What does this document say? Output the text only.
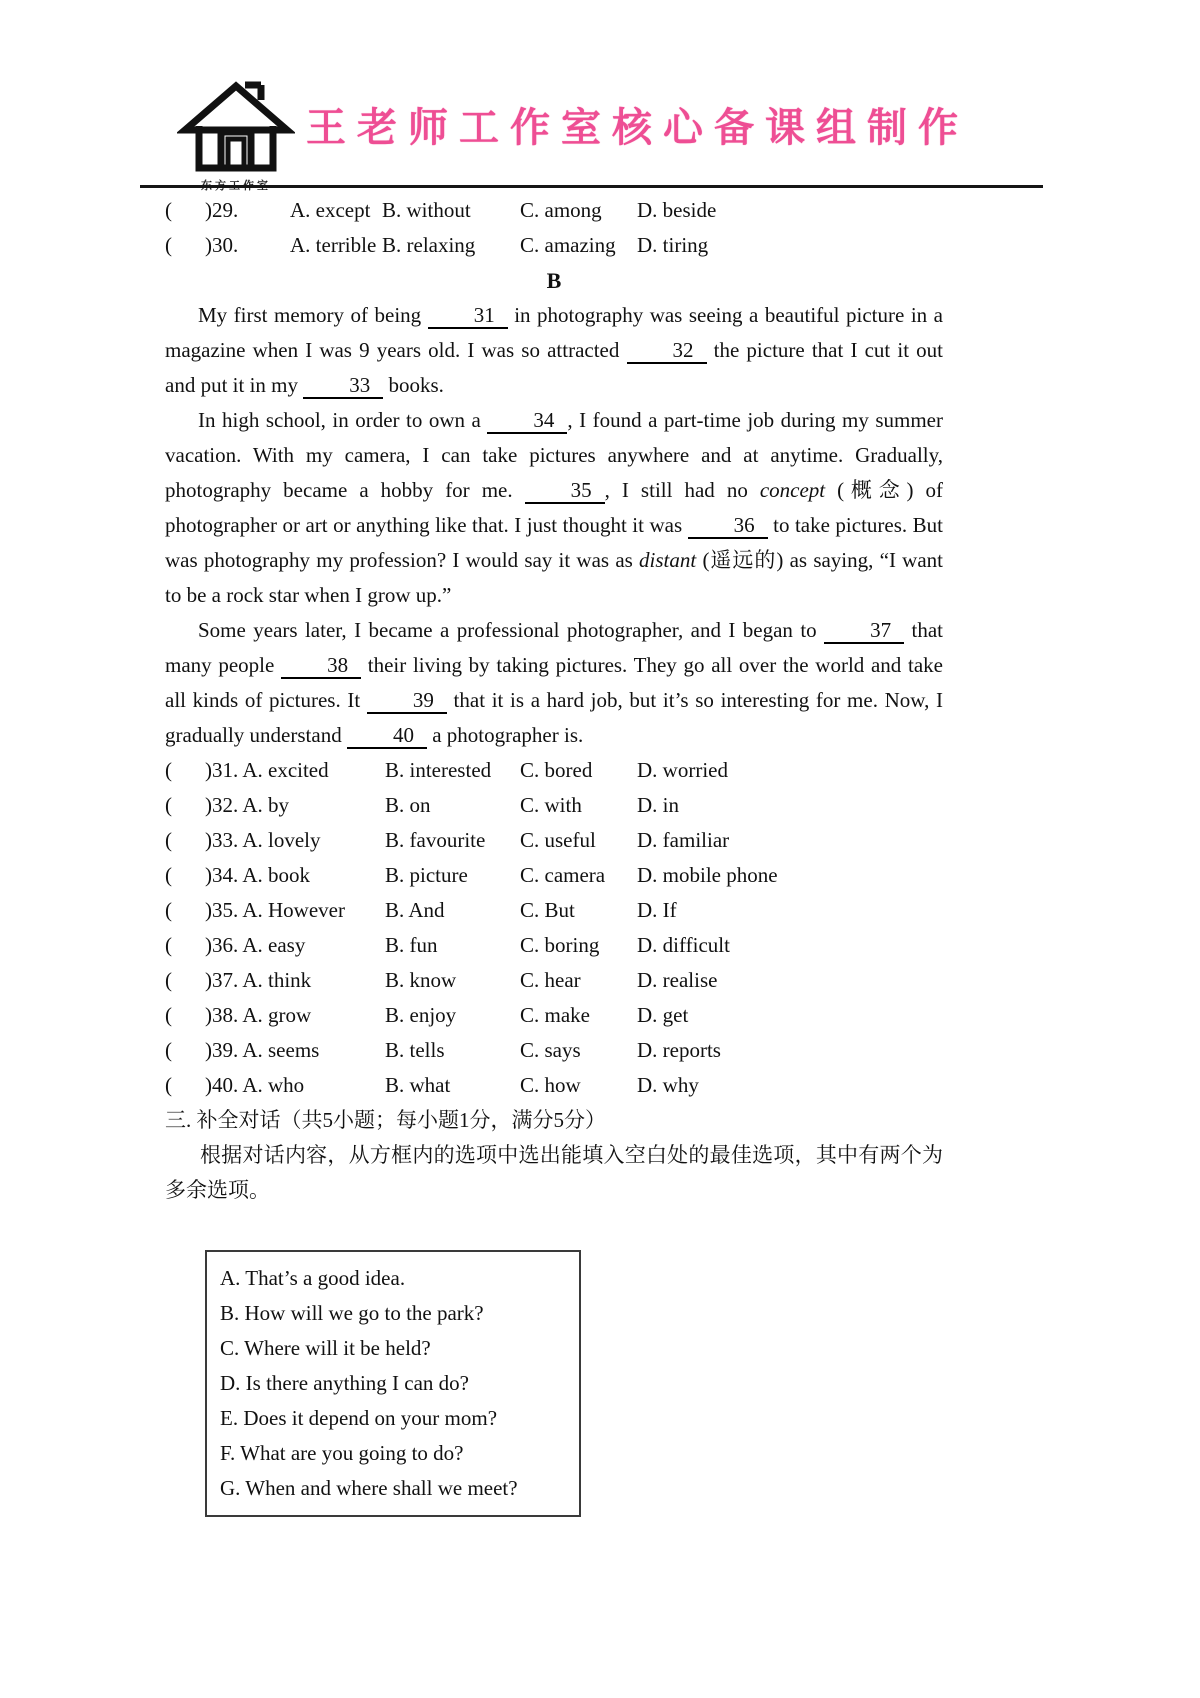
王老师工作室核心备课组制作
(	)29.	A. except B. without	C. among	D. beside
(	)30.	A. terrible B. relaxing	C. amazing	D. tiring
B

My first memory of being 31 in photography was seeing a beautiful picture in a magazine when I was 9 years old. I was so attracted 32 the picture that I cut it out and put it in my 33 books.

In high school, in order to own a 34 , I found a part-time job during my summer vacation. With my camera, I can take pictures anywhere and at anytime. Gradually, photography became a hobby for me. 35 , I still had no concept (概念) of photographer or art or anything like that. I just thought it was 36 to take pictures. But was photography my profession? I would say it was as distant (遥远的) as saying, “I want to be a rock star when I grow up.”

Some years later, I became a professional photographer, and I began to 37 that many people 38 their living by taking pictures. They go all over the world and take all kinds of pictures. It 39 that it is a hard job, but it’s so interesting for me. Now, I gradually understand 40 a photographer is.

(	)31. A. excited	B. interested	C. bored	D. worried
(	)32. A. by	B. on	C. with	D. in
(	)33. A. lovely	B. favourite	C. useful	D. familiar
(	)34. A. book	B. picture	C. camera	D. mobile phone
(	)35. A. However	B. And	C. But	D. If
(	)36. A. easy	B. fun	C. boring	D. difficult
(	)37. A. think	B. know	C. hear	D. realise
(	)38. A. grow	B. enjoy	C. make	D. get
(	)39. A. seems	B. tells	C. says	D. reports
(	)40. A. who	B. what	C. how	D. why

三. 补全对话（共5小题；每小题1分，满分5分）

根据对话内容，从方框内的选项中选出能填入空白处的最佳选项，其中有两个为多余选项。

A. That’s a good idea.
B. How will we go to the park?
C. Where will it be held?
D. Is there anything I can do?
E. Does it depend on your mom?
F. What are you going to do?
G. When and where shall we meet?
